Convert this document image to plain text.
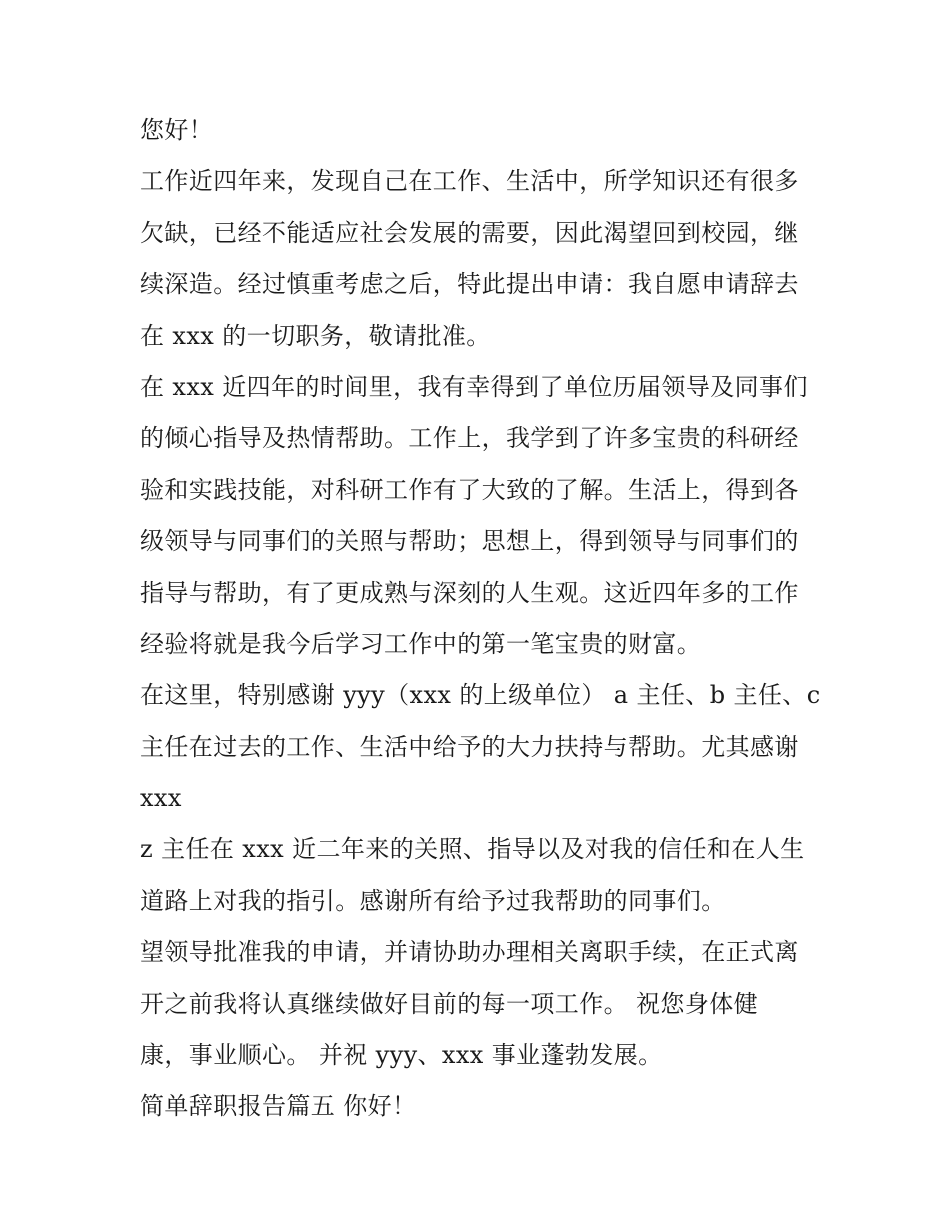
您好！
工作近四年来，发现自己在工作、生活中，所学知识还有很多
欠缺，已经不能适应社会发展的需要，因此渴望回到校园，继
续深造。经过慎重考虑之后，特此提出申请：我自愿申请辞去
在 xxx 的一切职务，敬请批准。
在 xxx 近四年的时间里，我有幸得到了单位历届领导及同事们
的倾心指导及热情帮助。工作上，我学到了许多宝贵的科研经
验和实践技能，对科研工作有了大致的了解。生活上，得到各
级领导与同事们的关照与帮助；思想上，得到领导与同事们的
指导与帮助，有了更成熟与深刻的人生观。这近四年多的工作
经验将就是我今后学习工作中的第一笔宝贵的财富。
在这里，特别感谢 yyy（xxx 的上级单位） a 主任、b 主任、c
主任在过去的工作、生活中给予的大力扶持与帮助。尤其感谢
xxx
z 主任在 xxx 近二年来的关照、指导以及对我的信任和在人生
道路上对我的指引。感谢所有给予过我帮助的同事们。
望领导批准我的申请，并请协助办理相关离职手续，在正式离
开之前我将认真继续做好目前的每一项工作。 祝您身体健
康，事业顺心。 并祝 yyy、xxx 事业蓬勃发展。
简单辞职报告篇五 你好！
